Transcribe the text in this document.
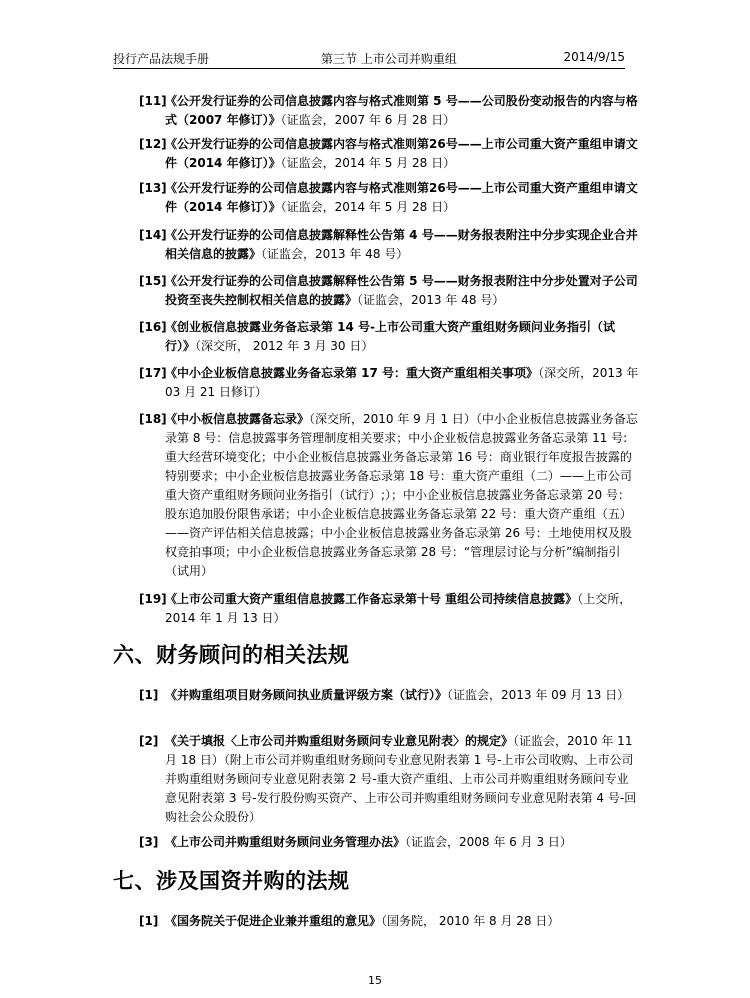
投行产品法规手册	第三节 上市公司并购重组	2014/9/15
[11]
《公开发行证券的公司信息披露内容与格式准则第 5 号——公司股份变动报告的内容与格式（2007 年修订）》（证监会，2007 年 6 月 28 日）
[12]
《公开发行证券的公司信息披露内容与格式准则第26号——上市公司重大资产重组申请文件（2014 年修订）》（证监会，2014 年 5 月 28 日）
[13]
《公开发行证券的公司信息披露内容与格式准则第26号——上市公司重大资产重组申请文件（2014 年修订）》（证监会，2014 年 5 月 28 日）
[14]
《公开发行证券的公司信息披露解释性公告第 4 号——财务报表附注中分步实现企业合并相关信息的披露》（证监会，2013 年 48 号）
[15]
《公开发行证券的公司信息披露解释性公告第 5 号——财务报表附注中分步处置对子公司投资至丧失控制权相关信息的披露》（证监会，2013 年 48 号）
[16]
《创业板信息披露业务备忘录第 14 号-上市公司重大资产重组财务顾问业务指引（试行）》（深交所， 2012 年 3 月 30 日）
[17]
《中小企业板信息披露业务备忘录第 17 号：重大资产重组相关事项》（深交所，2013 年 03 月 21 日修订）
[18]
《中小板信息披露备忘录》（深交所，2010 年 9 月 1 日）（中小企业板信息披露业务备忘录第 8 号：信息披露事务管理制度相关要求；中小企业板信息披露业务备忘录第 11 号:重大经营环境变化；中小企业板信息披露业务备忘录第 16 号：商业银行年度报告披露的特别要求；中小企业板信息披露业务备忘录第 18 号：重大资产重组（二）——上市公司重大资产重组财务顾问业务指引（试行）;）；中小企业板信息披露业务备忘录第 20 号：股东追加股份限售承诺；中小企业板信息披露业务备忘录第 22 号：重大资产重组（五）——资产评估相关信息披露；中小企业板信息披露业务备忘录第 26 号：土地使用权及股权竞拍事项；中小企业板信息披露业务备忘录第 28 号：“管理层讨论与分析”编制指引（试用）
[19]
《上市公司重大资产重组信息披露工作备忘录第十号 重组公司持续信息披露》（上交所，2014 年 1 月 13 日）
六、财务顾问的相关法规
[1] 《并购重组项目财务顾问执业质量评级方案（试行）》（证监会，2013 年 09 月 13 日）
[2] 《关于填报〈上市公司并购重组财务顾问专业意见附表〉的规定》（证监会，2010 年 11 月 18 日）（附上市公司并购重组财务顾问专业意见附表第 1 号-上市公司收购、上市公司并购重组财务顾问专业意见附表第 2 号-重大资产重组、上市公司并购重组财务顾问专业意见附表第 3 号-发行股份购买资产、上市公司并购重组财务顾问专业意见附表第 4 号-回购社会公众股份）
[3] 《上市公司并购重组财务顾问业务管理办法》（证监会，2008 年 6 月 3 日）
七、涉及国资并购的法规
[1] 《国务院关于促进企业兼并重组的意见》（国务院， 2010 年 8 月 28 日）
15
